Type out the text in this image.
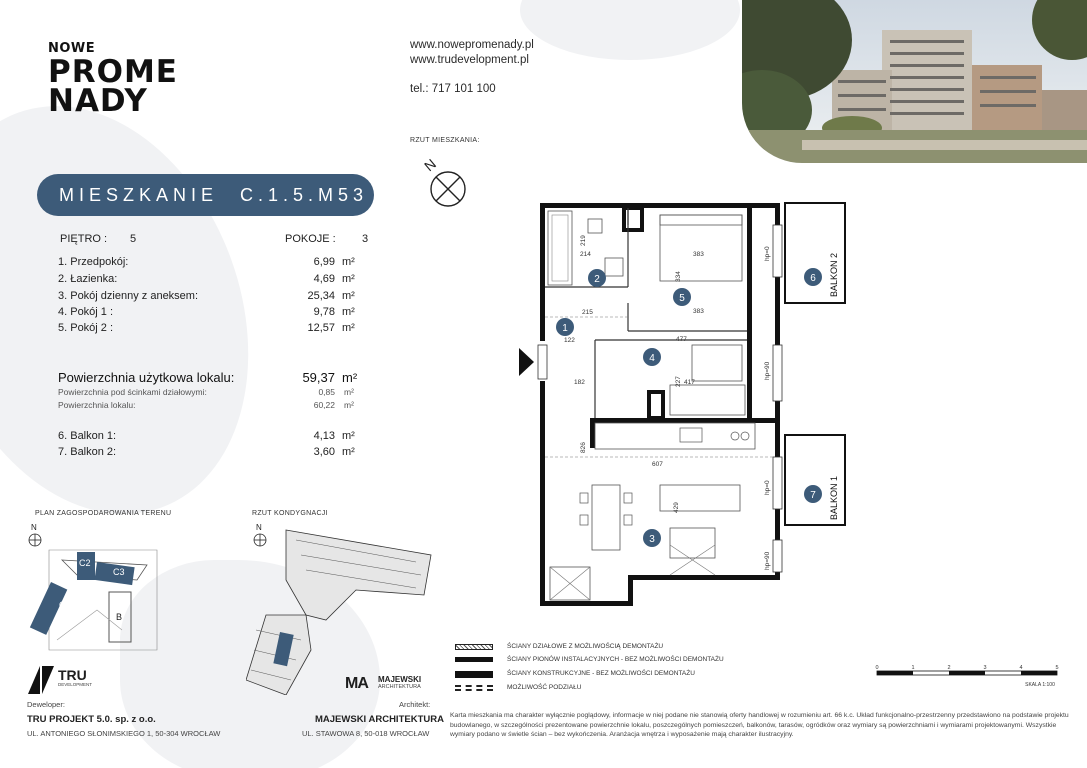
NOWE
PROME
NADY
www.nowepromenady.pl
www.trudevelopment.pl
tel.: 717 101 100
RZUT MIESZKANIA:
N
MIESZKANIE C.1.5.M53
PIĘTRO : 5	POKOJE : 3
1. Przedpokój:	6,99 m²
2. Łazienka:	4,69 m²
3. Pokój dzienny z aneksem:	25,34 m²
4. Pokój 1 :	9,78 m²
5. Pokój 2 :	12,57 m²
Powierzchnia użytkowa lokalu:	59,37 m²
Powierzchnia pod ścinkami działowymi:	0,85 m²
Powierzchnia lokalu:	60,22 m²
6. Balkon 1:	4,13 m²
7. Balkon 2:	3,60 m²
PLAN ZAGOSPODAROWANIA TERENU
N
C2
C3
C1
B
RZUT KONDYGNACJI
N
TRU
DEVELOPMENT
Deweloper:
TRU PROJEKT 5.0. sp. z o.o.
UL. ANTONIEGO SŁONIMSKIEGO 1, 50-304 WROCŁAW
MA MAJEWSKI
ARCHITEKTURA
Architekt:
MAJEWSKI ARCHITEKTURA
UL. STAWOWA 8, 50-018 WROCŁAW
1
2
3
4
5
6
7
BALKON 2
BALKON 1
219
214	383
334
383
215
122	477
182	227 417
826
607
429
hp=0
hp=90
hp=0
hp=90
ŚCIANY DZIAŁOWE Z MOŻLIWOŚCIĄ DEMONTAŻU
ŚCIANY PIONÓW INSTALACYJNYCH - BEZ MOŻLIWOŚCI DEMONTAŻU
ŚCIANY KONSTRUKCYJNE - BEZ MOŻLIWOŚCI DEMONTAŻU
MOŻLIWOŚĆ PODZIAŁU
0	1	2	3	4	5
SKALA 1:100
Karta mieszkania ma charakter wyłącznie poglądowy, informacje w niej podane nie stanowią oferty handlowej w rozumieniu art. 66 k.c. Układ funkcjonalno-przestrzenny przedstawiono na podstawie projektu budowlanego, w szczególności prezentowane powierzchnie lokalu, poszczególnych pomieszczeń, balkonów, tarasów, ogródków oraz wymiary są powierzchniami i wymiarami projektowanymi. Wszystkie wymiary podano w świetle ścian – bez wykończenia. Aranżacja wnętrza i wyposażenie mają charakter ilustracyjny.
